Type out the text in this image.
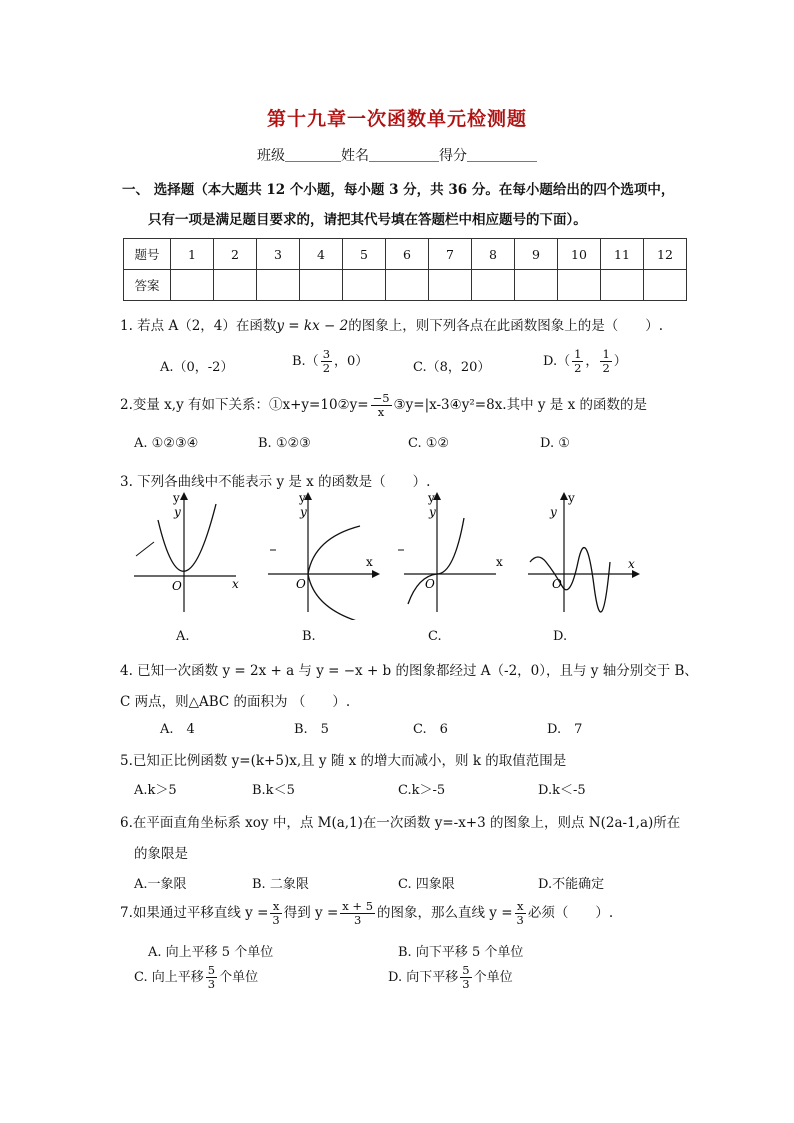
第十九章一次函数单元检测题
班级＿＿＿＿姓名＿＿＿＿＿得分＿＿＿＿＿
一、 选择题（本大题共 12 个小题，每小题 3 分，共 36 分。在每小题给出的四个选项中，
只有一项是满足题目要求的，请把其代号填在答题栏中相应题号的下面）。
题号	1	2	3	4	5	6	7	8	9	10	11	12
答案												
1. 若点 A（2，4）在函数y = kx − 2的图象上，则下列各点在此函数图象上的是（　　）.
A.（0，-2）	$B.( \frac{3}{2}$ ，0）	C.（8，20）	$D.( \frac{1}{2}$ ， $\frac{1}{2}$ ）
2.变量 x,y 有如下关系：①x+y=10②y= $\frac{-5}{x}$ ③y=|x-3④y²=8x.其中 y 是 x 的函数的是
A. ①②③④	B. ①②③	C. ①②	D. ①
3. 下列各曲线中不能表示 y 是 x 的函数是（　　）.
y
y
x
O
y
y
x
O
y
y
x
O
y
y
x
O
A.	B.	C.	D.
4. 已知一次函数 y = 2x + a 与 y = −x + b 的图象都经过 A（-2，0），且与 y 轴分别交于 B、
C 两点，则△ABC 的面积为 （　　）.
A.　4	B.　5	C.　6	D.　7
5.已知正比例函数 y=(k+5)x,且 y 随 x 的增大而减小，则 k 的取值范围是
A.k＞5	B.k＜5	C.k＞-5	D.k＜-5
6.在平面直角坐标系 xoy 中，点 M(a,1)在一次函数 y=-x+3 的图象上，则点 N(2a-1,a)所在
的象限是
A.一象限	B. 二象限	C. 四象限	D.不能确定
7.如果通过平移直线 $y = \frac{x}{3}$ 得到 $y = \frac{x + 5}{3}$ 的图象，那么直线 $y = \frac{x}{3}$ 必须（　　）.
A. 向上平移 5 个单位	B. 向下平移 5 个单位
C. 向上平移 $\frac{5}{3}$ 个单位	D. 向下平移 $\frac{5}{3}$ 个单位
